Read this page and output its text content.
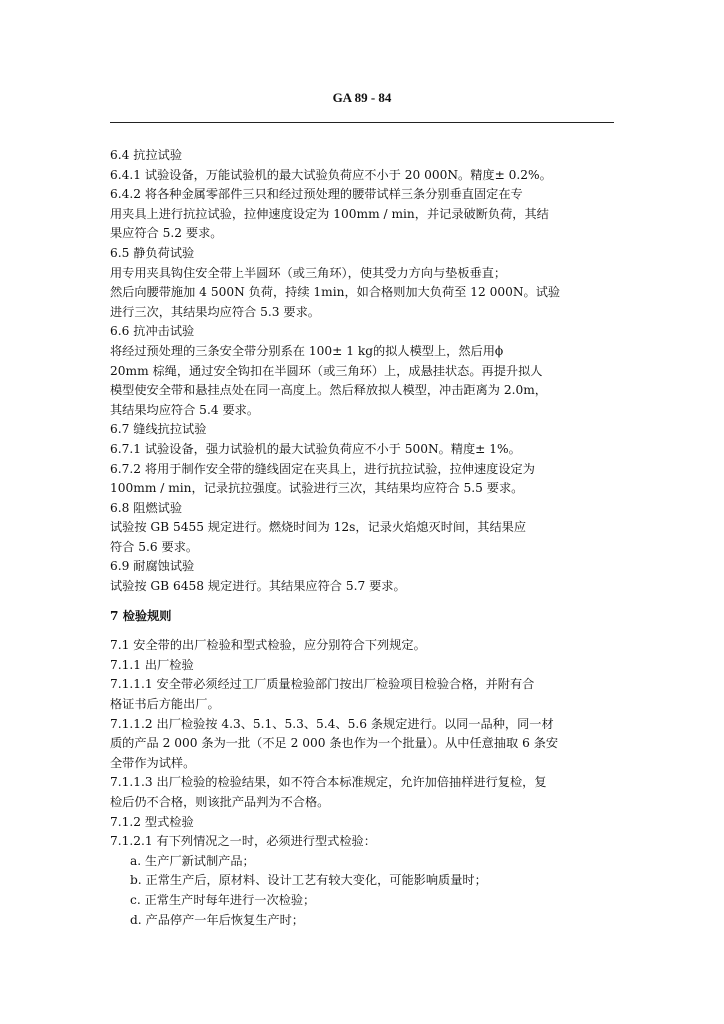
GA 89 - 84
6.4 抗拉试验
6.4.1 试验设备，万能试验机的最大试验负荷应不小于 20 000N。精度± 0.2%。
6.4.2 将各种金属零部件三只和经过预处理的腰带试样三条分别垂直固定在专
用夹具上进行抗拉试验，拉伸速度设定为 100mm / min，并记录破断负荷，其结
果应符合 5.2 要求。
6.5 静负荷试验
用专用夹具钩住安全带上半圆环（或三角环），使其受力方向与垫板垂直；
然后向腰带施加 4 500N 负荷，持续 1min，如合格则加大负荷至 12 000N。试验
进行三次，其结果均应符合 5.3 要求。
6.6 抗冲击试验
将经过预处理的三条安全带分别系在 100± 1 kg的拟人模型上，然后用ϕ
20mm 棕绳，通过安全钩扣在半圆环（或三角环）上，成悬挂状态。再提升拟人
模型使安全带和悬挂点处在同一高度上。然后释放拟人模型，冲击距离为 2.0m，
其结果均应符合 5.4 要求。
6.7 缝线抗拉试验
6.7.1 试验设备，强力试验机的最大试验负荷应不小于 500N。精度± 1%。
6.7.2 将用于制作安全带的缝线固定在夹具上，进行抗拉试验，拉伸速度设定为
100mm / min，记录抗拉强度。试验进行三次，其结果均应符合 5.5 要求。
6.8 阻燃试验
试验按 GB 5455 规定进行。燃烧时间为 12s，记录火焰熄灭时间，其结果应
符合 5.6 要求。
6.9 耐腐蚀试验
试验按 GB 6458 规定进行。其结果应符合 5.7 要求。
7 检验规则
7.1 安全带的出厂检验和型式检验，应分别符合下列规定。
7.1.1 出厂检验
7.1.1.1 安全带必须经过工厂质量检验部门按出厂检验项目检验合格，并附有合
格证书后方能出厂。
7.1.1.2 出厂检验按 4.3、5.1、5.3、5.4、5.6 条规定进行。以同一品种，同一材
质的产品 2 000 条为一批（不足 2 000 条也作为一个批量）。从中任意抽取 6 条安
全带作为试样。
7.1.1.3 出厂检验的检验结果，如不符合本标准规定，允许加倍抽样进行复检，复
检后仍不合格，则该批产品判为不合格。
7.1.2 型式检验
7.1.2.1 有下列情况之一时，必须进行型式检验：
a. 生产厂新试制产品；
b. 正常生产后，原材料、设计工艺有较大变化，可能影响质量时；
c. 正常生产时每年进行一次检验；
d. 产品停产一年后恢复生产时；
